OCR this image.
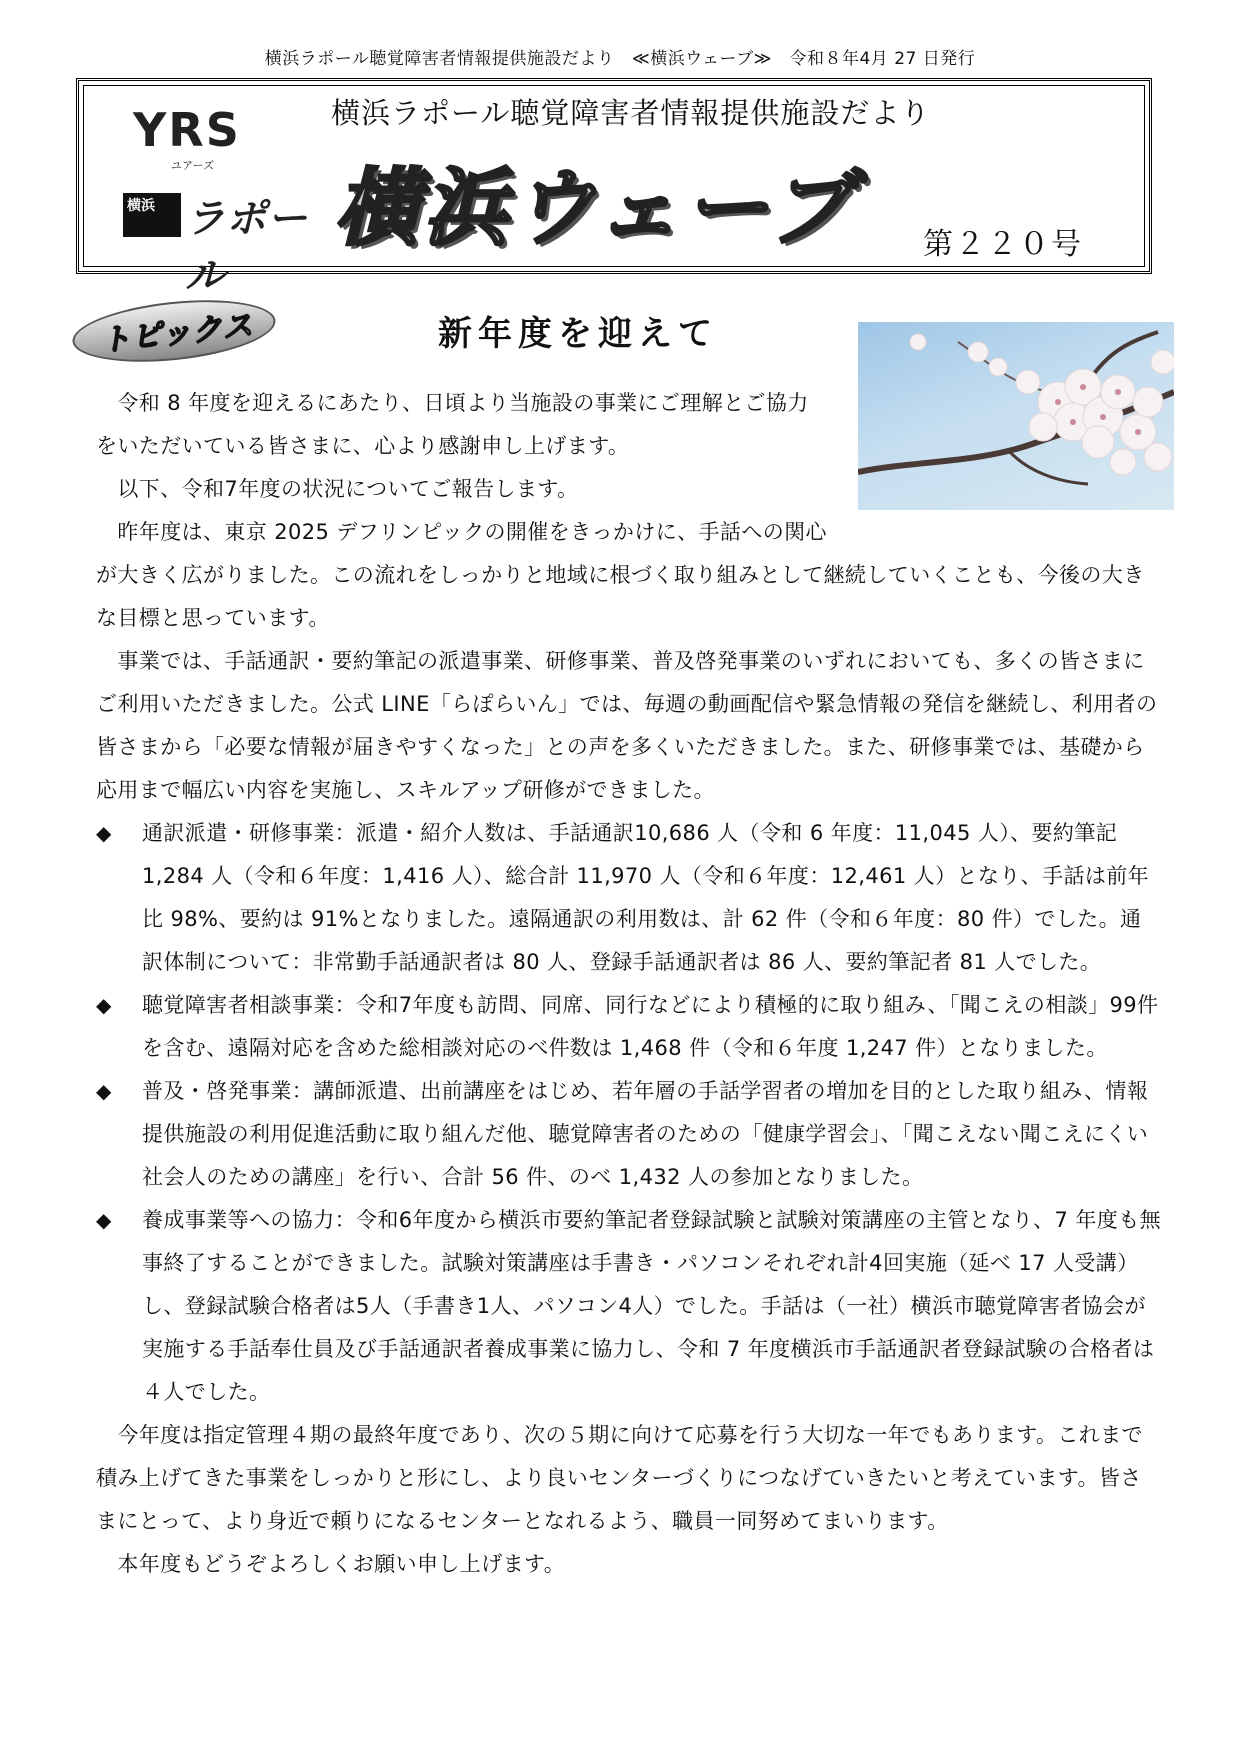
横浜ラポール聴覚障害者情報提供施設だより　≪横浜ウェーブ≫　令和８年4月 27 日発行
YRS
ユアーズ
横浜 ラポール
横浜ラポール聴覚障害者情報提供施設だより
横浜ウェーブ 第２２０号
トピックス	新年度を迎えて
　令和 8 年度を迎えるにあたり、日頃より当施設の事業にご理解とご協力
をいただいている皆さまに、心より感謝申し上げます。
　以下、令和7年度の状況についてご報告します。
　昨年度は、東京 2025 デフリンピックの開催をきっかけに、手話への関心
が大きく広がりました。この流れをしっかりと地域に根づく取り組みとして継続していくことも、今後の大きな目標と思っています。
　事業では、手話通訳・要約筆記の派遣事業、研修事業、普及啓発事業のいずれにおいても、多くの皆さまにご利用いただきました。公式 LINE「らぽらいん」では、毎週の動画配信や緊急情報の発信を継続し、利用者の皆さまから「必要な情報が届きやすくなった」との声を多くいただきました。また、研修事業では、基礎から応用まで幅広い内容を実施し、スキルアップ研修ができました。
◆ 通訳派遣・研修事業：派遣・紹介人数は、手話通訳10,686 人（令和 6 年度：11,045 人）、要約筆記1,284 人（令和６年度：1,416 人）、総合計 11,970 人（令和６年度：12,461 人）となり、手話は前年比 98%、要約は 91%となりました。遠隔通訳の利用数は、計 62 件（令和６年度：80 件）でした。通訳体制について：非常勤手話通訳者は 80 人、登録手話通訳者は 86 人、要約筆記者 81 人でした。
◆ 聴覚障害者相談事業：令和7年度も訪問、同席、同行などにより積極的に取り組み、「聞こえの相談」99件を含む、遠隔対応を含めた総相談対応のべ件数は 1,468 件（令和６年度 1,247 件）となりました。
◆ 普及・啓発事業：講師派遣、出前講座をはじめ、若年層の手話学習者の増加を目的とした取り組み、情報提供施設の利用促進活動に取り組んだ他、聴覚障害者のための「健康学習会」、「聞こえない聞こえにくい社会人のための講座」を行い、合計 56 件、のべ 1,432 人の参加となりました。
◆ 養成事業等への協力：令和6年度から横浜市要約筆記者登録試験と試験対策講座の主管となり、7 年度も無事終了することができました。試験対策講座は手書き・パソコンそれぞれ計4回実施（延べ 17 人受講）し、登録試験合格者は5人（手書き1人、パソコン4人）でした。手話は（一社）横浜市聴覚障害者協会が実施する手話奉仕員及び手話通訳者養成事業に協力し、令和 7 年度横浜市手話通訳者登録試験の合格者は４人でした。
　今年度は指定管理４期の最終年度であり、次の５期に向けて応募を行う大切な一年でもあります。これまで積み上げてきた事業をしっかりと形にし、より良いセンターづくりにつなげていきたいと考えています。皆さまにとって、より身近で頼りになるセンターとなれるよう、職員一同努めてまいります。
　本年度もどうぞよろしくお願い申し上げます。
